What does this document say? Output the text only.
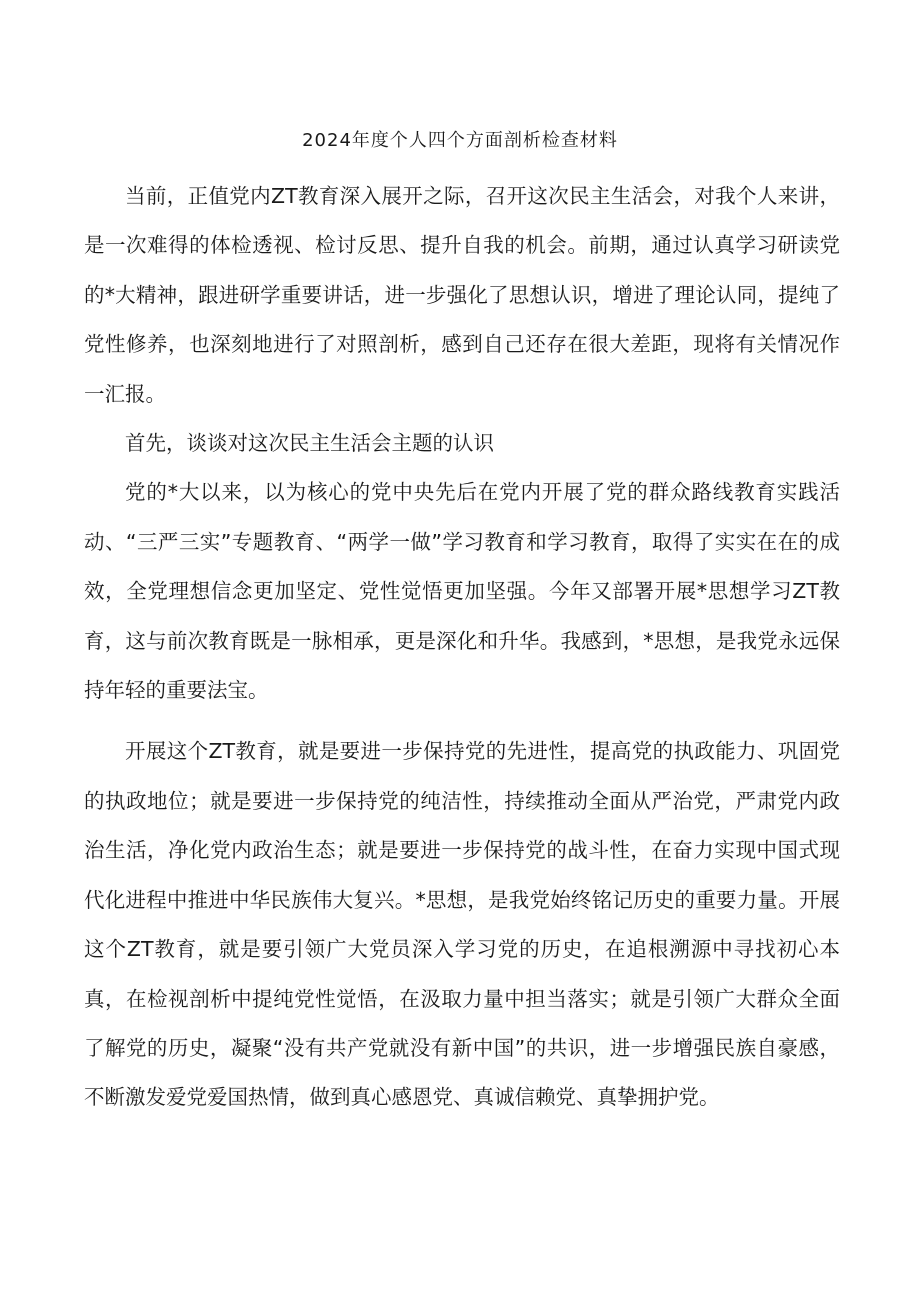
2024年度个人四个方面剖析检查材料

当前，正值党内ZT教育深入展开之际，召开这次民主生活会，对我个人来讲，是一次难得的体检透视、检讨反思、提升自我的机会。前期，通过认真学习研读党的*大精神，跟进研学重要讲话，进一步强化了思想认识，增进了理论认同，提纯了党性修养，也深刻地进行了对照剖析，感到自己还存在很大差距，现将有关情况作一汇报。

首先，谈谈对这次民主生活会主题的认识

党的*大以来，以为核心的党中央先后在党内开展了党的群众路线教育实践活动、“三严三实”专题教育、“两学一做”学习教育和学习教育，取得了实实在在的成效，全党理想信念更加坚定、党性觉悟更加坚强。今年又部署开展*思想学习ZT教育，这与前次教育既是一脉相承，更是深化和升华。我感到，*思想，是我党永远保持年轻的重要法宝。

开展这个ZT教育，就是要进一步保持党的先进性，提高党的执政能力、巩固党的执政地位；就是要进一步保持党的纯洁性，持续推动全面从严治党，严肃党内政治生活，净化党内政治生态；就是要进一步保持党的战斗性，在奋力实现中国式现代化进程中推进中华民族伟大复兴。*思想，是我党始终铭记历史的重要力量。开展这个ZT教育，就是要引领广大党员深入学习党的历史，在追根溯源中寻找初心本真，在检视剖析中提纯党性觉悟，在汲取力量中担当落实；就是引领广大群众全面了解党的历史，凝聚“没有共产党就没有新中国”的共识，进一步增强民族自豪感，不断激发爱党爱国热情，做到真心感恩党、真诚信赖党、真挚拥护党。
